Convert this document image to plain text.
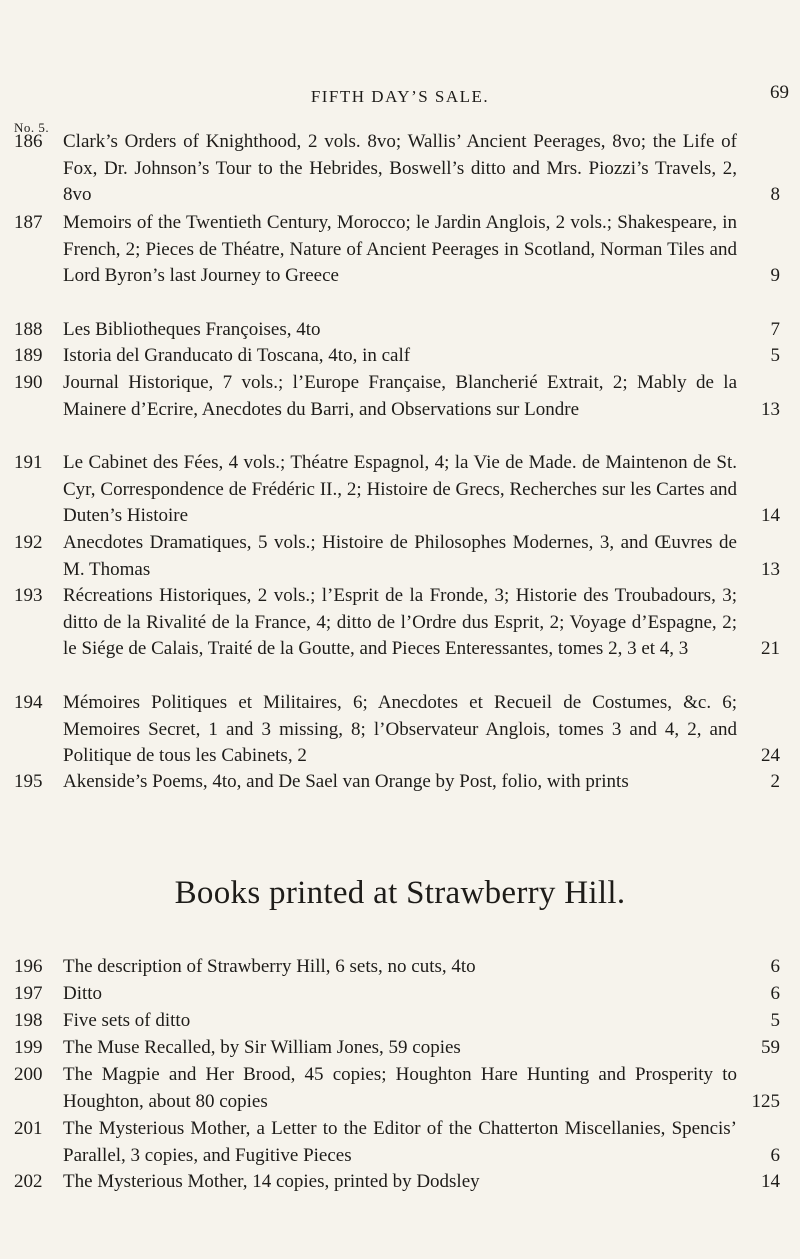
FIFTH DAY’S SALE.	69
No. 5.
186 Clark’s Orders of Knighthood, 2 vols. 8vo; Wallis’ Ancient Peerages, 8vo; the Life of Fox, Dr. Johnson’s Tour to the Hebrides, Boswell’s ditto and Mrs. Piozzi’s Travels, 2, 8vo	8
187 Memoirs of the Twentieth Century, Morocco; le Jardin Anglois, 2 vols.; Shakespeare, in French, 2; Pieces de Théatre, Nature of Ancient Peerages in Scotland, Norman Tiles and Lord Byron’s last Journey to Greece	9
188 Les Bibliotheques Françoises, 4to	7
189 Istoria del Granducato di Toscana, 4to, in calf	5
190 Journal Historique, 7 vols.; l’Europe Française, Blancherié Extrait, 2; Mably de la Mainere d’Ecrire, Anecdotes du Barri, and Observations sur Londre	13
191 Le Cabinet des Fées, 4 vols.; Théatre Espagnol, 4; la Vie de Made. de Maintenon de St. Cyr, Correspondence de Frédéric II., 2; Histoire de Grecs, Recherches sur les Cartes and Duten’s Histoire	14
192 Anecdotes Dramatiques, 5 vols.; Histoire de Philosophes Modernes, 3, and Œuvres de M. Thomas	13
193 Récreations Historiques, 2 vols.; l’Esprit de la Fronde, 3; Historie des Troubadours, 3; ditto de la Rivalité de la France, 4; ditto de l’Ordre dus Esprit, 2; Voyage d’Espagne, 2; le Siége de Calais, Traité de la Goutte, and Pieces Enteressantes, tomes 2, 3 et 4, 3	21
194 Mémoires Politiques et Militaires, 6; Anecdotes et Recueil de Costumes, &c. 6; Memoires Secret, 1 and 3 missing, 8; l’Observateur Anglois, tomes 3 and 4, 2, and Politique de tous les Cabinets, 2	24
195 Akenside’s Poems, 4to, and De Sael van Orange by Post, folio, with prints	2
Books printed at Strawberry Hill.
196 The description of Strawberry Hill, 6 sets, no cuts, 4to	6
197 Ditto	6
198 Five sets of ditto	5
199 The Muse Recalled, by Sir William Jones, 59 copies	59
200 The Magpie and Her Brood, 45 copies; Houghton Hare Hunting and Prosperity to Houghton, about 80 copies	125
201 The Mysterious Mother, a Letter to the Editor of the Chatterton Miscellanies, Spencis’ Parallel, 3 copies, and Fugitive Pieces	6
202 The Mysterious Mother, 14 copies, printed by Dodsley	14
